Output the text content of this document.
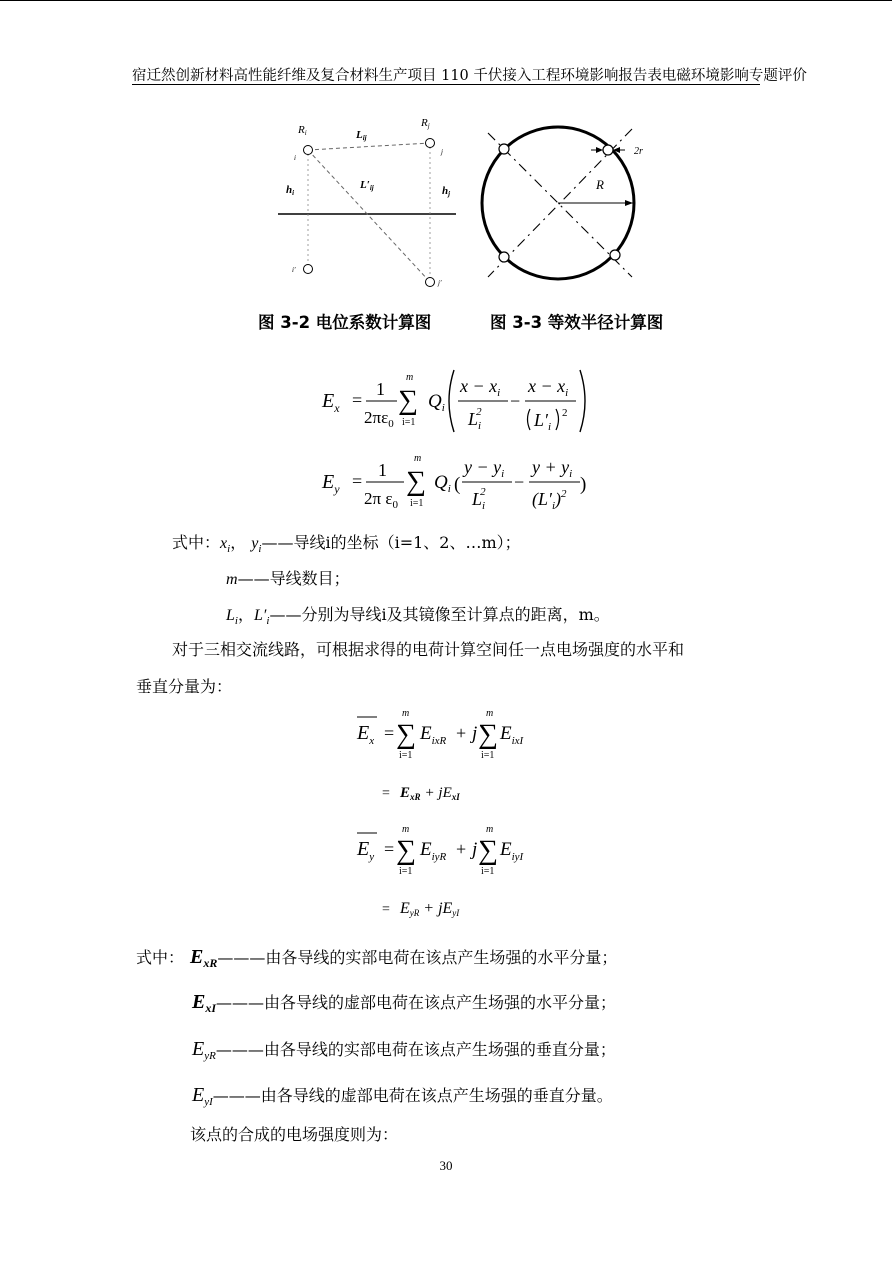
宿迁然创新材料高性能纤维及复合材料生产项目 110 千伏接入工程环境影响报告表电磁环境影响专题评价
Ri
Rj
Lij
L′ij
hi	hj
i
j
i′
j′
2r
R
图 3-2 电位系数计算图	图 3-3 等效半径计算图
$E_x$ =
1
$2\pi\varepsilon_0$
m
∑
i=1
$Q_i$
$x - x_i$
$L_i2$
−
$x - x_i$
$L'_i$
2
$E_y$ =
1
2π $\varepsilon_0$
m
∑
i=1
$Q_i$ (
$y - y_i$
$L_i2$ −
$y + y_i$
$(L'_i)^2$ )
式中：$x_i$， $y_i——$导线i的坐标（i=1、2、…m）；
m——导线数目；
$L_i$，$L'_i——$分别为导线i及其镜像至计算点的距离，m。
对于三相交流线路，可根据求得的电荷计算空间任一点电场强度的水平和
垂直分量为：
$E_x$ =
m
∑
i=1
$E_{ixR} + j$
m
∑
i=1
$E_{ixI}$
= $E_{xR} + jE_{xI}$
$E_y$ =
m
∑
i=1
$E_{iyR} + j$
m
∑
i=1
$E_{iyI}$
= EyR + jEyI
式中： $E_{xR}———$由各导线的实部电荷在该点产生场强的水平分量；
$E_{xI}———$由各导线的虚部电荷在该点产生场强的水平分量；
$E_{yR}———$由各导线的实部电荷在该点产生场强的垂直分量；
$E_{yI}———$由各导线的虚部电荷在该点产生场强的垂直分量。
该点的合成的电场强度则为：
30
